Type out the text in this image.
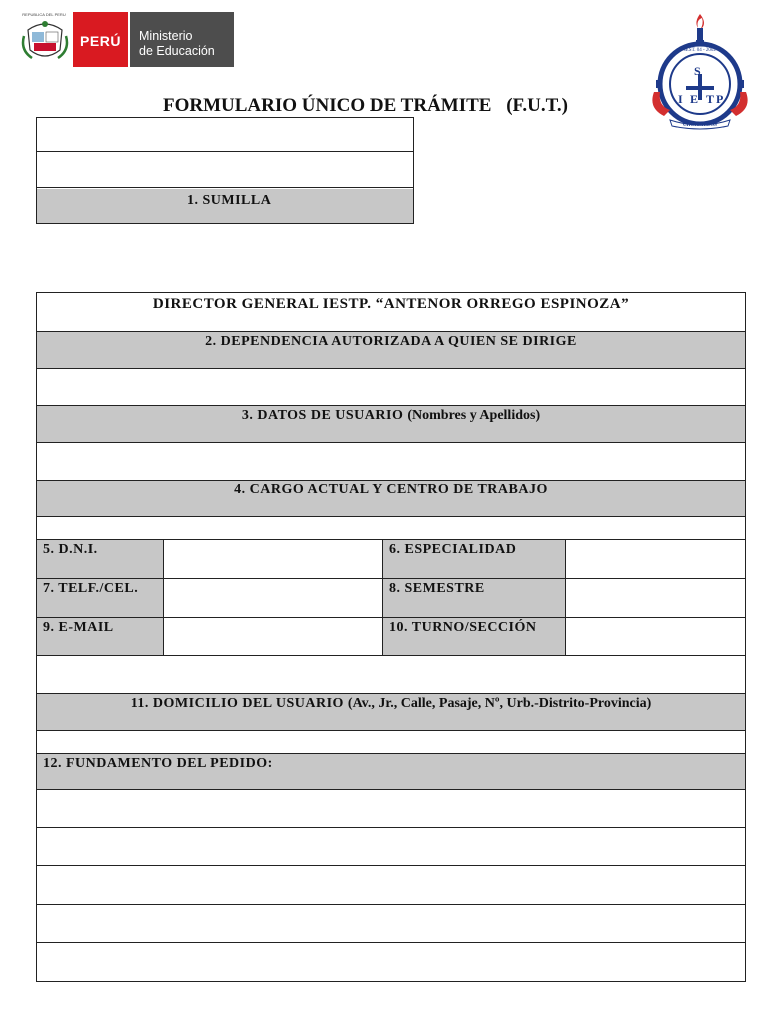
REPUBLICA DEL PERU
PERÚ	Ministerio
de Educación
S
I E T P
IEST. 04 - 2002
CHORRILLOS
FORMULARIO ÚNICO DE TRÁMITE (F.U.T.)
1. SUMILLA
DIRECTOR GENERAL IESTP. “ANTENOR ORREGO ESPINOZA”
2. DEPENDENCIA AUTORIZADA A QUIEN SE DIRIGE
3. DATOS DE USUARIO (Nombres y Apellidos)
4. CARGO ACTUAL Y CENTRO DE TRABAJO
5. D.N.I.	6. ESPECIALIDAD
7. TELF./CEL.	8. SEMESTRE
9. E-MAIL	10. TURNO/SECCIÓN
11. DOMICILIO DEL USUARIO (Av., Jr., Calle, Pasaje, Nº, Urb.-Distrito-Provincia)
12. FUNDAMENTO DEL PEDIDO:
